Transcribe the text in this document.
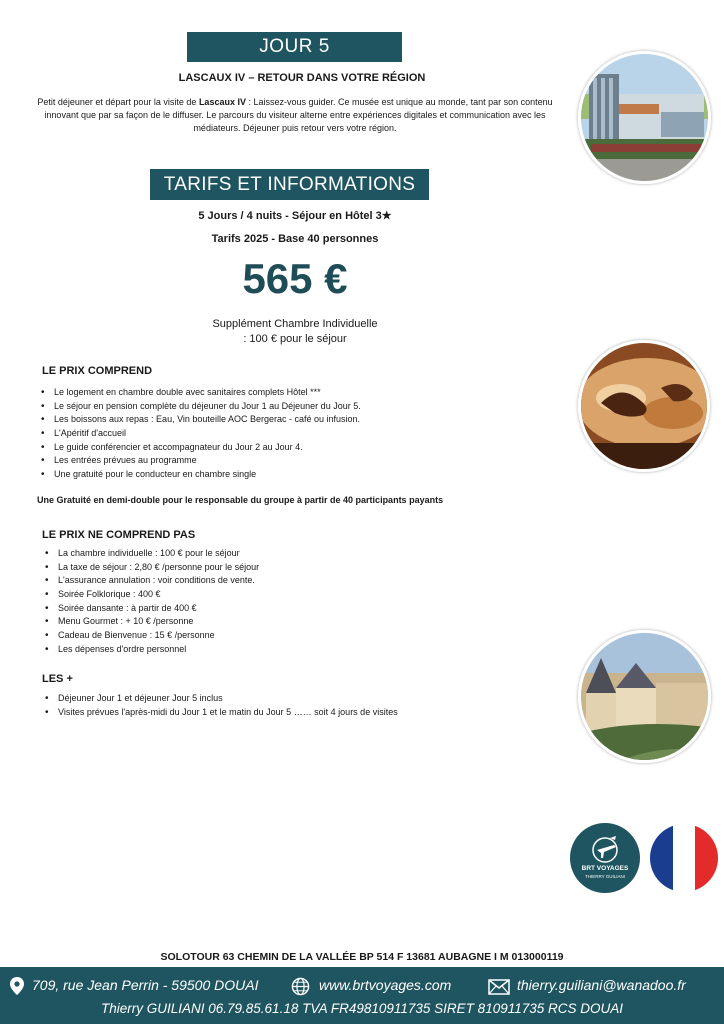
JOUR 5
LASCAUX IV – RETOUR DANS VOTRE RÉGION
Petit déjeuner et départ pour la visite de Lascaux IV : Laissez-vous guider. Ce musée est unique au monde, tant par son contenu innovant que par sa façon de le diffuser. Le parcours du visiteur alterne entre expériences digitales et communication avec les médiateurs. Déjeuner puis retour vers votre région.
TARIFS ET INFORMATIONS
5 Jours / 4 nuits - Séjour en Hôtel 3★
Tarifs 2025 - Base 40 personnes
565 €
Supplément Chambre Individuelle
: 100 € pour le séjour
LE PRIX COMPREND
• Le logement en chambre double avec sanitaires complets Hôtel ***
• Le séjour en pension complète du déjeuner du Jour 1 au Déjeuner du Jour 5.
• Les boissons aux repas : Eau, Vin bouteille AOC Bergerac - café ou infusion.
• L'Apéritif d'accueil
• Le guide conférencier et accompagnateur du Jour 2 au Jour 4.
• Les entrées prévues au programme
• Une gratuité pour le conducteur en chambre single
Une Gratuité en demi-double pour le responsable du groupe à partir de 40 participants payants
LE PRIX NE COMPREND PAS
• La chambre individuelle : 100 € pour le séjour
• La taxe de séjour : 2,80 € /personne pour le séjour
• L'assurance annulation : voir conditions de vente.
• Soirée Folklorique : 400 €
• Soirée dansante : à partir de 400 €
• Menu Gourmet : + 10 € /personne
• Cadeau de Bienvenue : 15 € /personne
• Les dépenses d'ordre personnel
LES +
• Déjeuner Jour 1 et déjeuner Jour 5 inclus
• Visites prévues l'après-midi du Jour 1 et le matin du Jour 5 …… soit 4 jours de visites
BRT VOYAGES
THIERRY GUILIANI
SOLOTOUR 63 CHEMIN DE LA VALLÉE BP 514 F 13681 AUBAGNE I M 013000119
709, rue Jean Perrin - 59500 DOUAI	www.brtvoyages.com	thierry.guiliani@wanadoo.fr
Thierry GUILIANI 06.79.85.61.18 TVA FR49810911735 SIRET 810911735 RCS DOUAI
